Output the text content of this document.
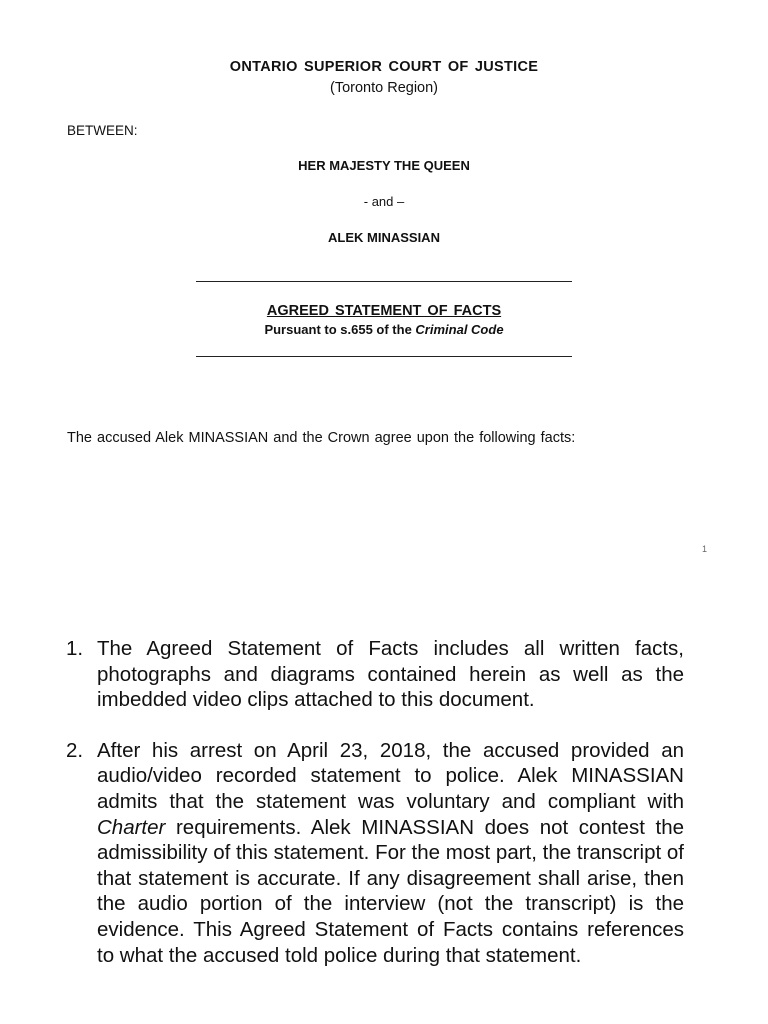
ONTARIO SUPERIOR COURT OF JUSTICE
(Toronto Region)
BETWEEN:
HER MAJESTY THE QUEEN
- and –
ALEK MINASSIAN
AGREED STATEMENT OF FACTS
Pursuant to s.655 of the Criminal Code
The accused Alek MINASSIAN and the Crown agree upon the following facts:
1
1. The Agreed Statement of Facts includes all written facts, photographs and diagrams contained herein as well as the imbedded video clips attached to this document.
2. After his arrest on April 23, 2018, the accused provided an audio/video recorded statement to police. Alek MINASSIAN admits that the statement was voluntary and compliant with Charter requirements. Alek MINASSIAN does not contest the admissibility of this statement. For the most part, the transcript of that statement is accurate. If any disagreement shall arise, then the audio portion of the interview (not the transcript) is the evidence. This Agreed Statement of Facts contains references to what the accused told police during that statement.
